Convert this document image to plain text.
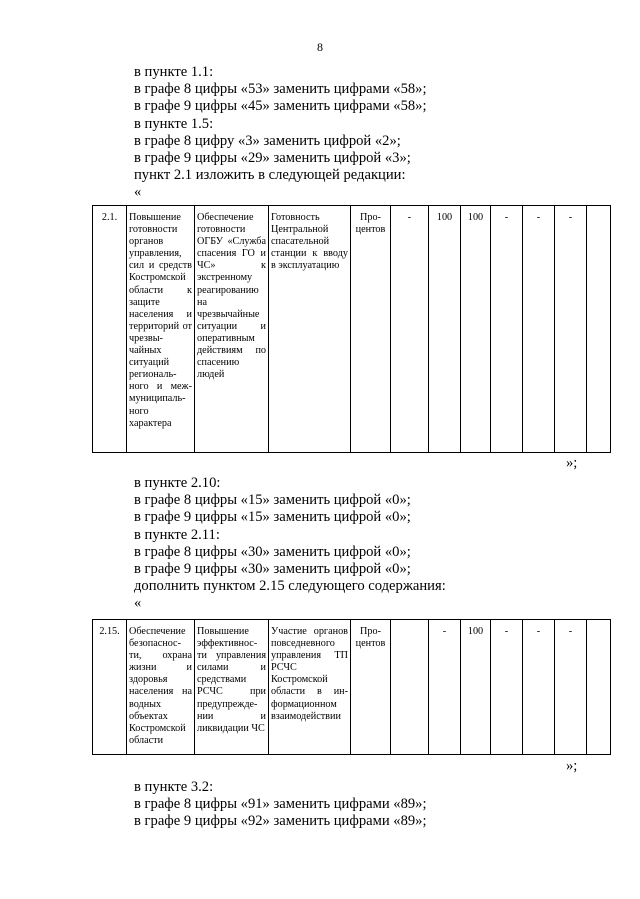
8
в пункте 1.1:
в графе 8 цифры «53» заменить цифрами «58»;
в графе 9 цифры «45» заменить цифрами «58»;
в пункте 1.5:
в графе 8 цифру «3» заменить цифрой «2»;
в графе 9 цифры «29» заменить цифрой «3»;
пункт 2.1 изложить в следующей редакции:
«
2.1.	Повышение готовности органов управления, сил и средств Костромской области к защите населения и территорий от чрезвы-чайных ситуаций региональ-ного и меж-муниципаль-ного характера	Обеспечение готовности ОГБУ «Служба спасения ГО и ЧС» к экстренному реагированию на чрезвычайные ситуации и оперативным действиям по спасению людей	Готовность Центральной спасательной станции к вводу в эксплуатацию	Про-центов	-	100	100	-	-	-	
»;
в пункте 2.10:
в графе 8 цифры «15» заменить цифрой «0»;
в графе 9 цифры «15» заменить цифрой «0»;
в пункте 2.11:
в графе 8 цифры «30» заменить цифрой «0»;
в графе 9 цифры «30» заменить цифрой «0»;
дополнить пунктом 2.15 следующего содержания:
«
2.15.	Обеспечение безопаснос-ти, охрана жизни и здоровья населения на водных объектах Костромской области	Повышение эффективнос-ти управления силами и средствами РСЧС при предупрежде-нии и ликвидации ЧС	Участие органов повседневного управления ТП РСЧС Костромской области в ин-формационном взаимодействии	Про-центов		-	100	-	-	-	
»;
в пункте 3.2:
в графе 8 цифры «91» заменить цифрами «89»;
в графе 9 цифры «92» заменить цифрами «89»;
